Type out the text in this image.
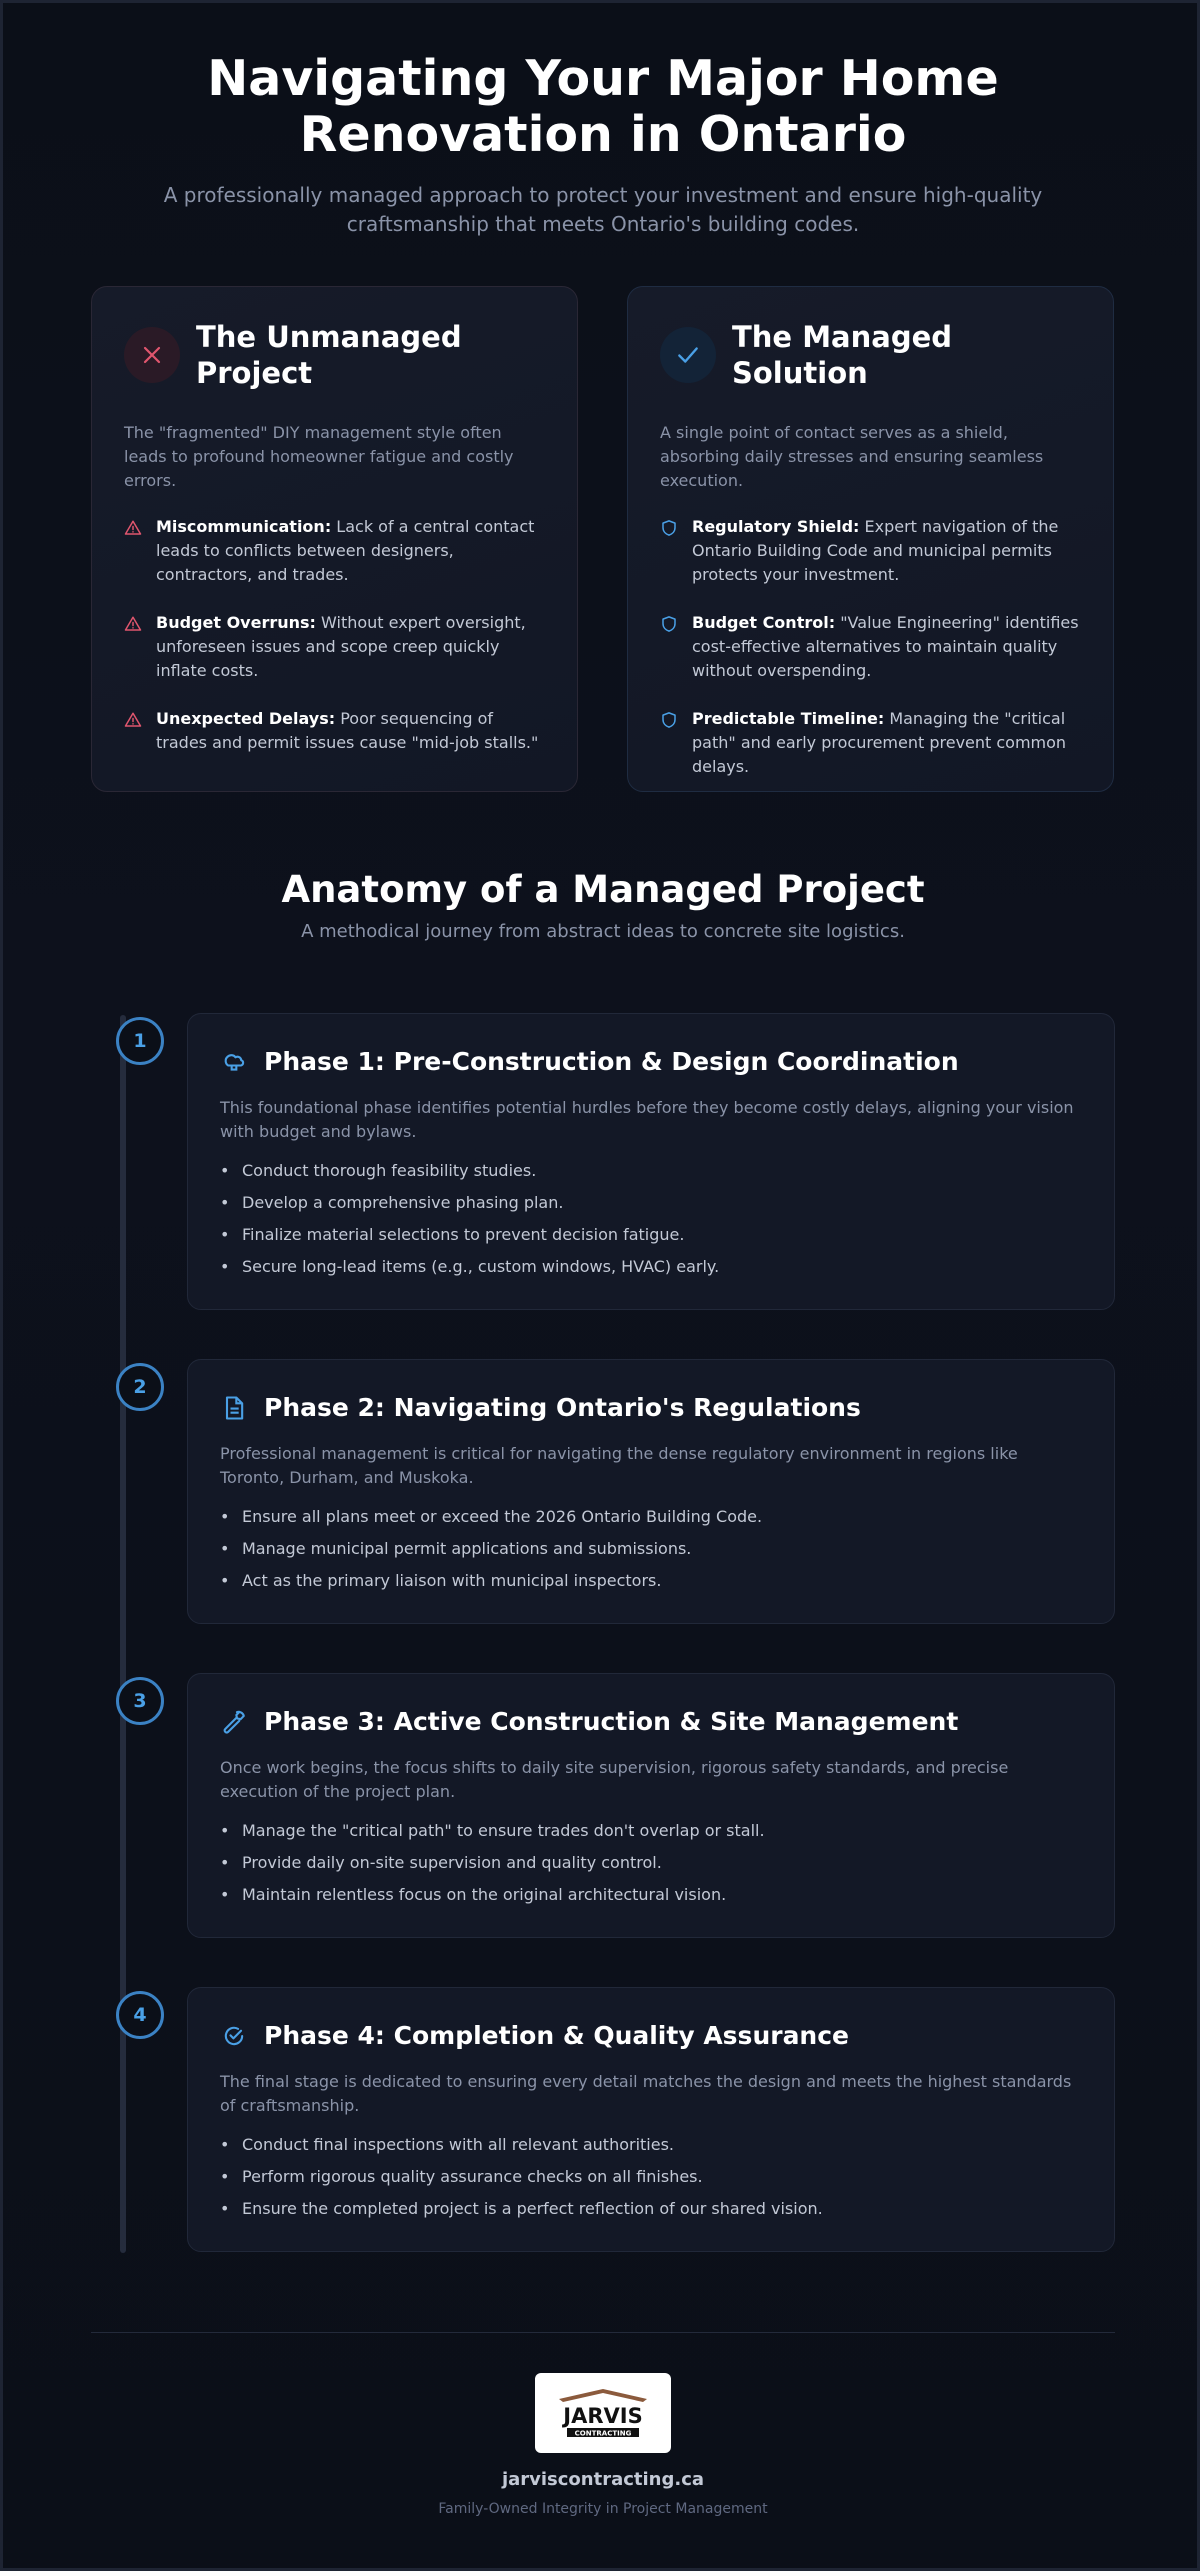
Navigating Your Major Home Renovation in Ontario

A professionally managed approach to protect your investment and ensure high-quality craftsmanship that meets Ontario's building codes.

The Unmanaged Project

The "fragmented" DIY management style often leads to profound homeowner fatigue and costly errors.

Miscommunication: Lack of a central contact leads to conflicts between designers, contractors, and trades.
Budget Overruns: Without expert oversight, unforeseen issues and scope creep quickly inflate costs.
Unexpected Delays: Poor sequencing of trades and permit issues cause "mid-job stalls."
The Managed Solution

A single point of contact serves as a shield, absorbing daily stresses and ensuring seamless execution.

Regulatory Shield: Expert navigation of the Ontario Building Code and municipal permits protects your investment.
Budget Control: "Value Engineering" identifies cost-effective alternatives to maintain quality without overspending.
Predictable Timeline: Managing the "critical path" and early procurement prevent common delays.
Anatomy of a Managed Project

A methodical journey from abstract ideas to concrete site logistics.

1
Phase 1: Pre-Construction & Design Coordination

This foundational phase identifies potential hurdles before they become costly delays, aligning your vision with budget and bylaws.

• Conduct thorough feasibility studies.
• Develop a comprehensive phasing plan.
• Finalize material selections to prevent decision fatigue.
• Secure long-lead items (e.g., custom windows, HVAC) early.
2
Phase 2: Navigating Ontario's Regulations

Professional management is critical for navigating the dense regulatory environment in regions like Toronto, Durham, and Muskoka.

• Ensure all plans meet or exceed the 2026 Ontario Building Code.
• Manage municipal permit applications and submissions.
• Act as the primary liaison with municipal inspectors.
3
Phase 3: Active Construction & Site Management

Once work begins, the focus shifts to daily site supervision, rigorous safety standards, and precise execution of the project plan.

• Manage the "critical path" to ensure trades don't overlap or stall.
• Provide daily on-site supervision and quality control.
• Maintain relentless focus on the original architectural vision.
4
Phase 4: Completion & Quality Assurance

The final stage is dedicated to ensuring every detail matches the design and meets the highest standards of craftsmanship.

• Conduct final inspections with all relevant authorities.
• Perform rigorous quality assurance checks on all finishes.
• Ensure the completed project is a perfect reflection of our shared vision.
JARVIS
CONTRACTING
jarviscontracting.ca
Family-Owned Integrity in Project Management
